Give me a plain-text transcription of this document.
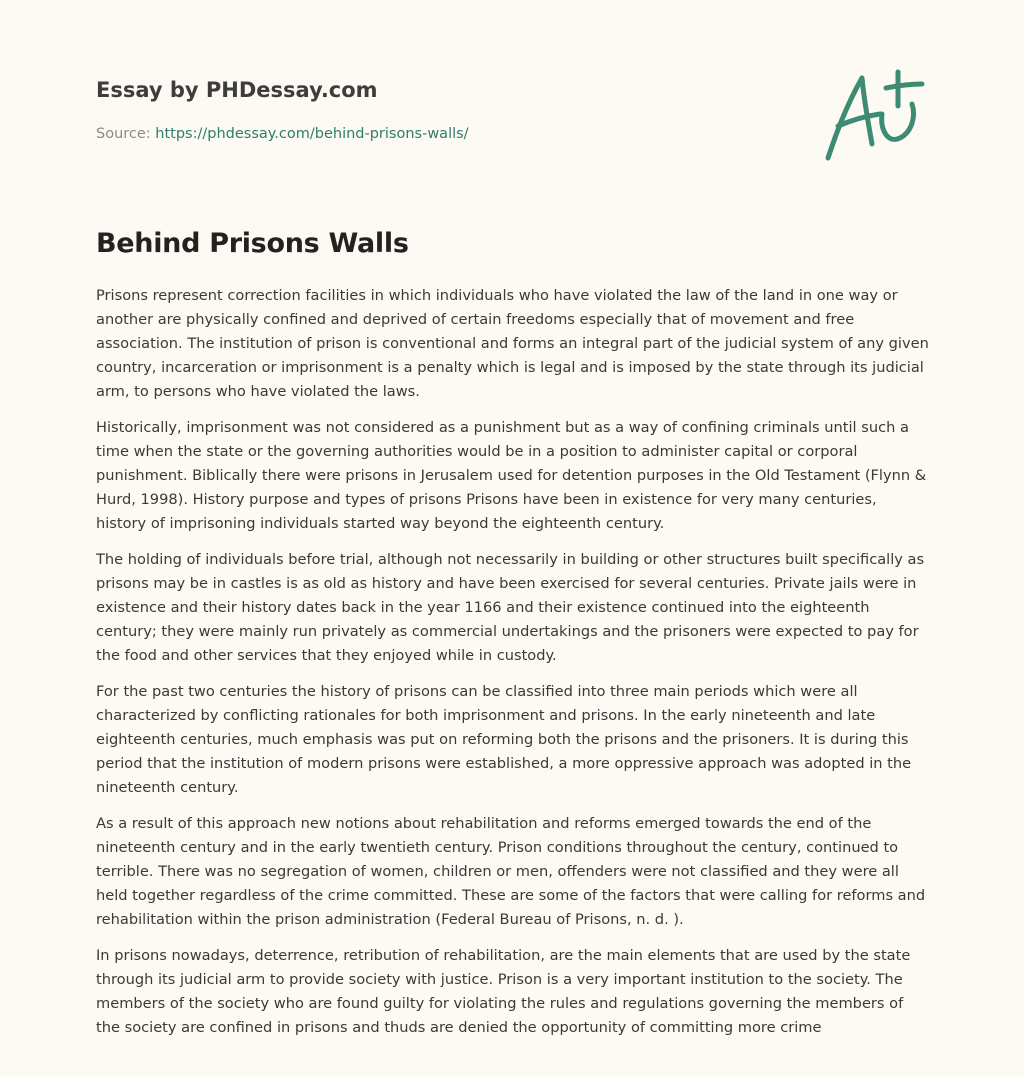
Essay by PHDessay.com
Source: https://phdessay.com/behind-prisons-walls/
Behind Prisons Walls

Prisons represent correction facilities in which individuals who have violated the law of the land in one way or another are physically confined and deprived of certain freedoms especially that of movement and free association. The institution of prison is conventional and forms an integral part of the judicial system of any given country, incarceration or imprisonment is a penalty which is legal and is imposed by the state through its judicial arm, to persons who have violated the laws.

Historically, imprisonment was not considered as a punishment but as a way of confining criminals until such a time when the state or the governing authorities would be in a position to administer capital or corporal punishment. Biblically there were prisons in Jerusalem used for detention purposes in the Old Testament (Flynn & Hurd, 1998). History purpose and types of prisons Prisons have been in existence for very many centuries, history of imprisoning individuals started way beyond the eighteenth century.

The holding of individuals before trial, although not necessarily in building or other structures built specifically as prisons may be in castles is as old as history and have been exercised for several centuries. Private jails were in existence and their history dates back in the year 1166 and their existence continued into the eighteenth century; they were mainly run privately as commercial undertakings and the prisoners were expected to pay for the food and other services that they enjoyed while in custody.

For the past two centuries the history of prisons can be classified into three main periods which were all characterized by conflicting rationales for both imprisonment and prisons. In the early nineteenth and late eighteenth centuries, much emphasis was put on reforming both the prisons and the prisoners. It is during this period that the institution of modern prisons were established, a more oppressive approach was adopted in the nineteenth century.

As a result of this approach new notions about rehabilitation and reforms emerged towards the end of the nineteenth century and in the early twentieth century. Prison conditions throughout the century, continued to terrible. There was no segregation of women, children or men, offenders were not classified and they were all held together regardless of the crime committed. These are some of the factors that were calling for reforms and rehabilitation within the prison administration (Federal Bureau of Prisons, n. d. ).

In prisons nowadays, deterrence, retribution of rehabilitation, are the main elements that are used by the state through its judicial arm to provide society with justice. Prison is a very important institution to the society. The members of the society who are found guilty for violating the rules and regulations governing the members of the society are confined in prisons and thuds are denied the opportunity of committing more crime
